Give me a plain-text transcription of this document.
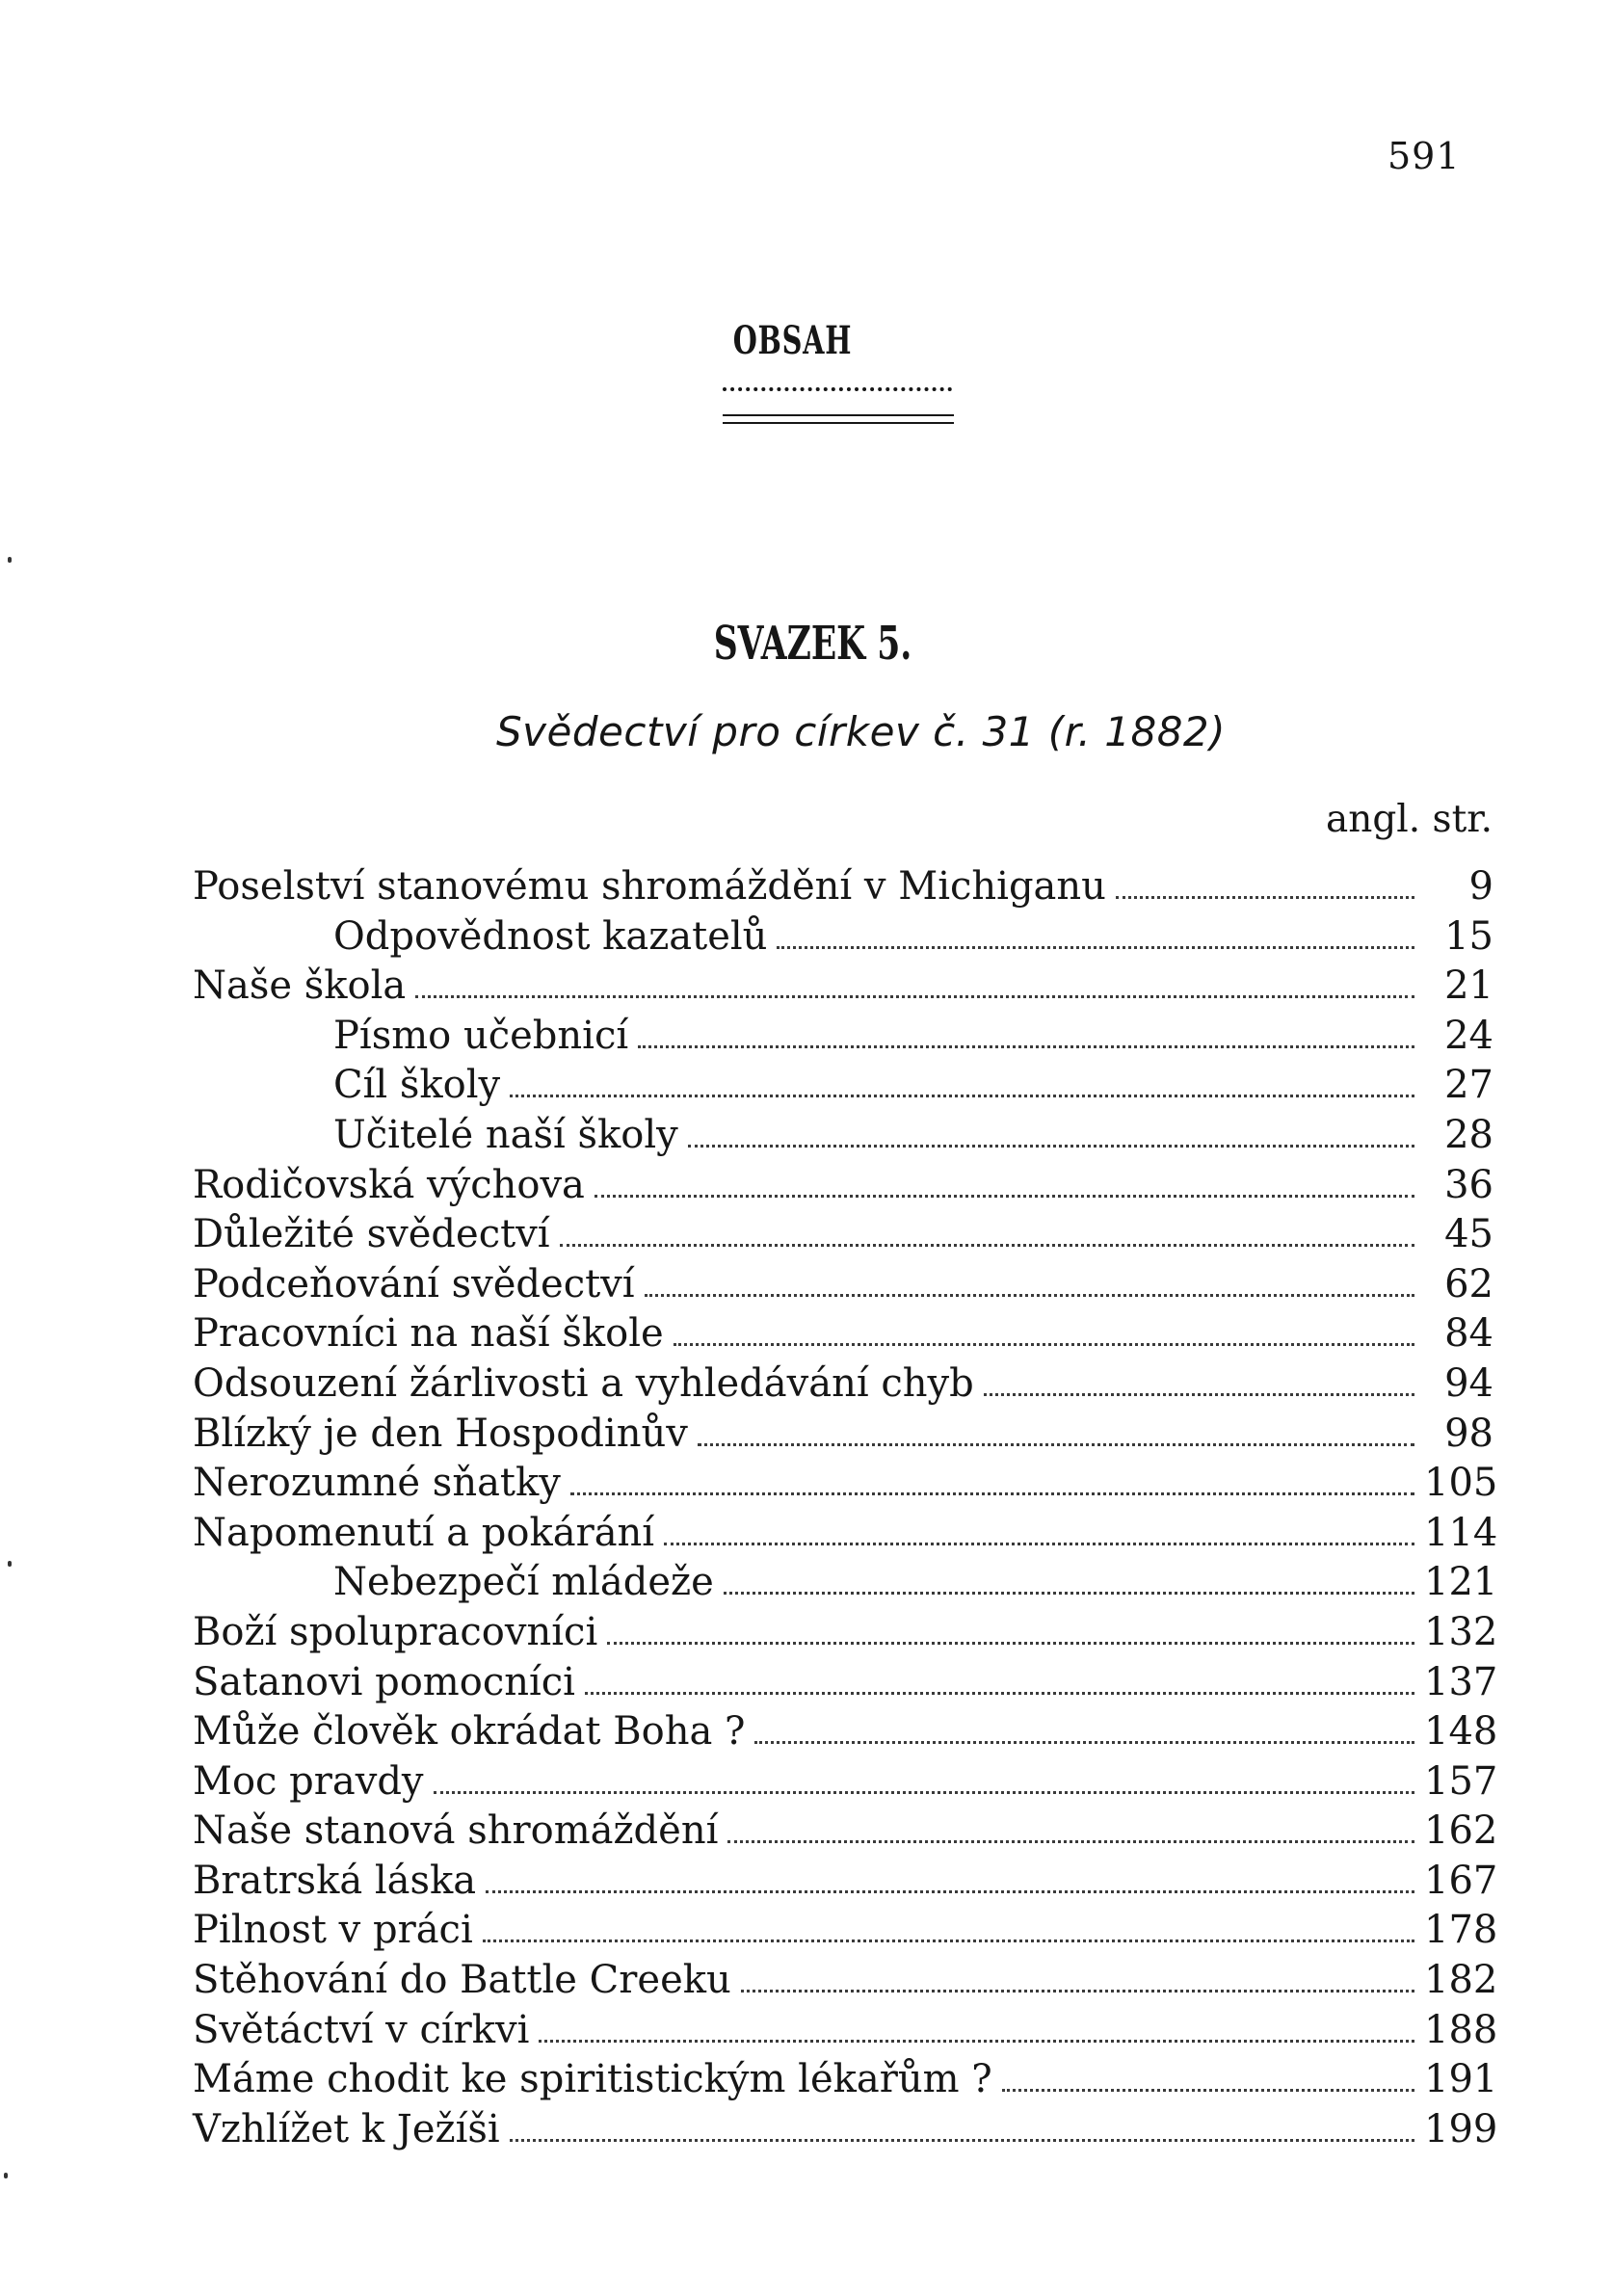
591
OBSAH
SVAZEK 5.
Svědectví pro církev č. 31 (r. 1882)
angl. str.
Poselství stanovému shromáždění v Michiganu	9
Odpovědnost kazatelů	15
Naše škola	21
Písmo učebnicí	24
Cíl školy	27
Učitelé naší školy	28
Rodičovská výchova	36
Důležité svědectví	45
Podceňování svědectví	62
Pracovníci na naší škole	84
Odsouzení žárlivosti a vyhledávání chyb	94
Blízký je den Hospodinův	98
Nerozumné sňatky	105
Napomenutí a pokárání	114
Nebezpečí mládeže	121
Boží spolupracovníci	132
Satanovi pomocníci	137
Může člověk okrádat Boha ?	148
Moc pravdy	157
Naše stanová shromáždění	162
Bratrská láska	167
Pilnost v práci	178
Stěhování do Battle Creeku	182
Světáctví v církvi	188
Máme chodit ke spiritistickým lékařům ?	191
Vzhlížet k Ježíši	199
